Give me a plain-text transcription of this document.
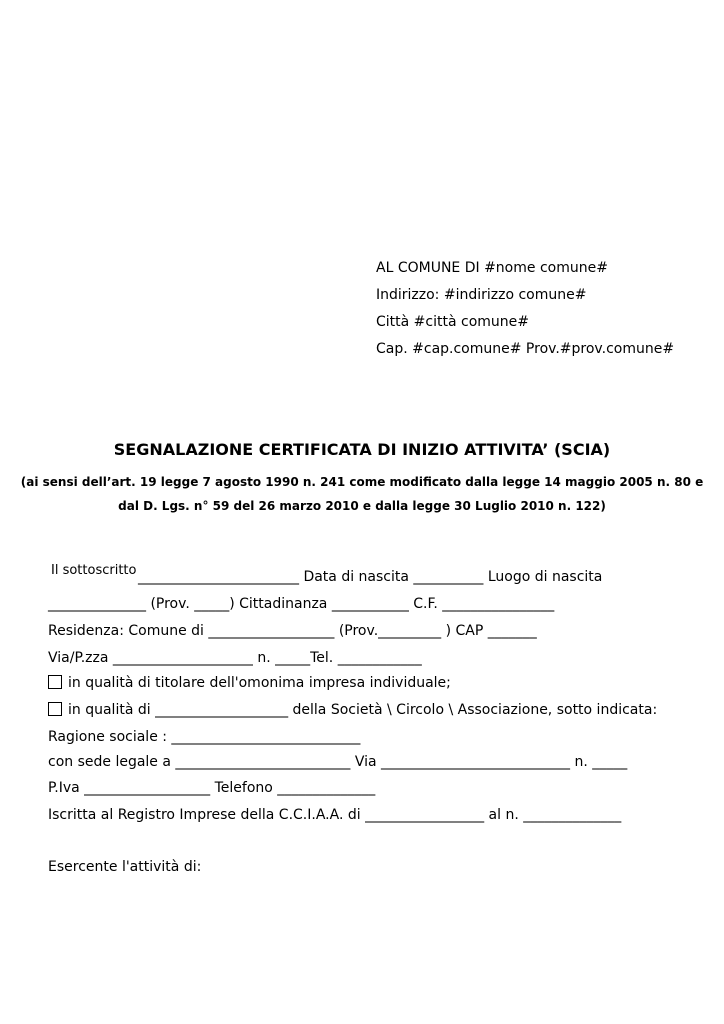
AL COMUNE DI #nome comune#
Indirizzo: #indirizzo comune#
Città #città comune#
Cap. #cap.comune# Prov.#prov.comune#
SEGNALAZIONE CERTIFICATA DI INIZIO ATTIVITA’ (SCIA)
(ai sensi dell’art. 19 legge 7 agosto 1990 n. 241 come modificato dalla legge 14 maggio 2005 n. 80 e
dal D. Lgs. n° 59 del 26 marzo 2010 e dalla legge 30 Luglio 2010 n. 122)
Il sottoscritto _______________________ Data di nascita __________ Luogo di nascita
______________ (Prov. _____) Cittadinanza ___________ C.F. ________________
Residenza: Comune di __________________ (Prov._________ ) CAP _______
Via/P.zza ____________________ n. _____Tel. ____________
in qualità di titolare dell'omonima impresa individuale;
in qualità di ___________________ della Società \ Circolo \ Associazione, sotto indicata:
Ragione sociale : ___________________________
con sede legale a _________________________ Via ___________________________ n. _____
P.Iva __________________ Telefono ______________
Iscritta al Registro Imprese della C.C.I.A.A. di _________________ al n. ______________
Esercente l'attività di:
